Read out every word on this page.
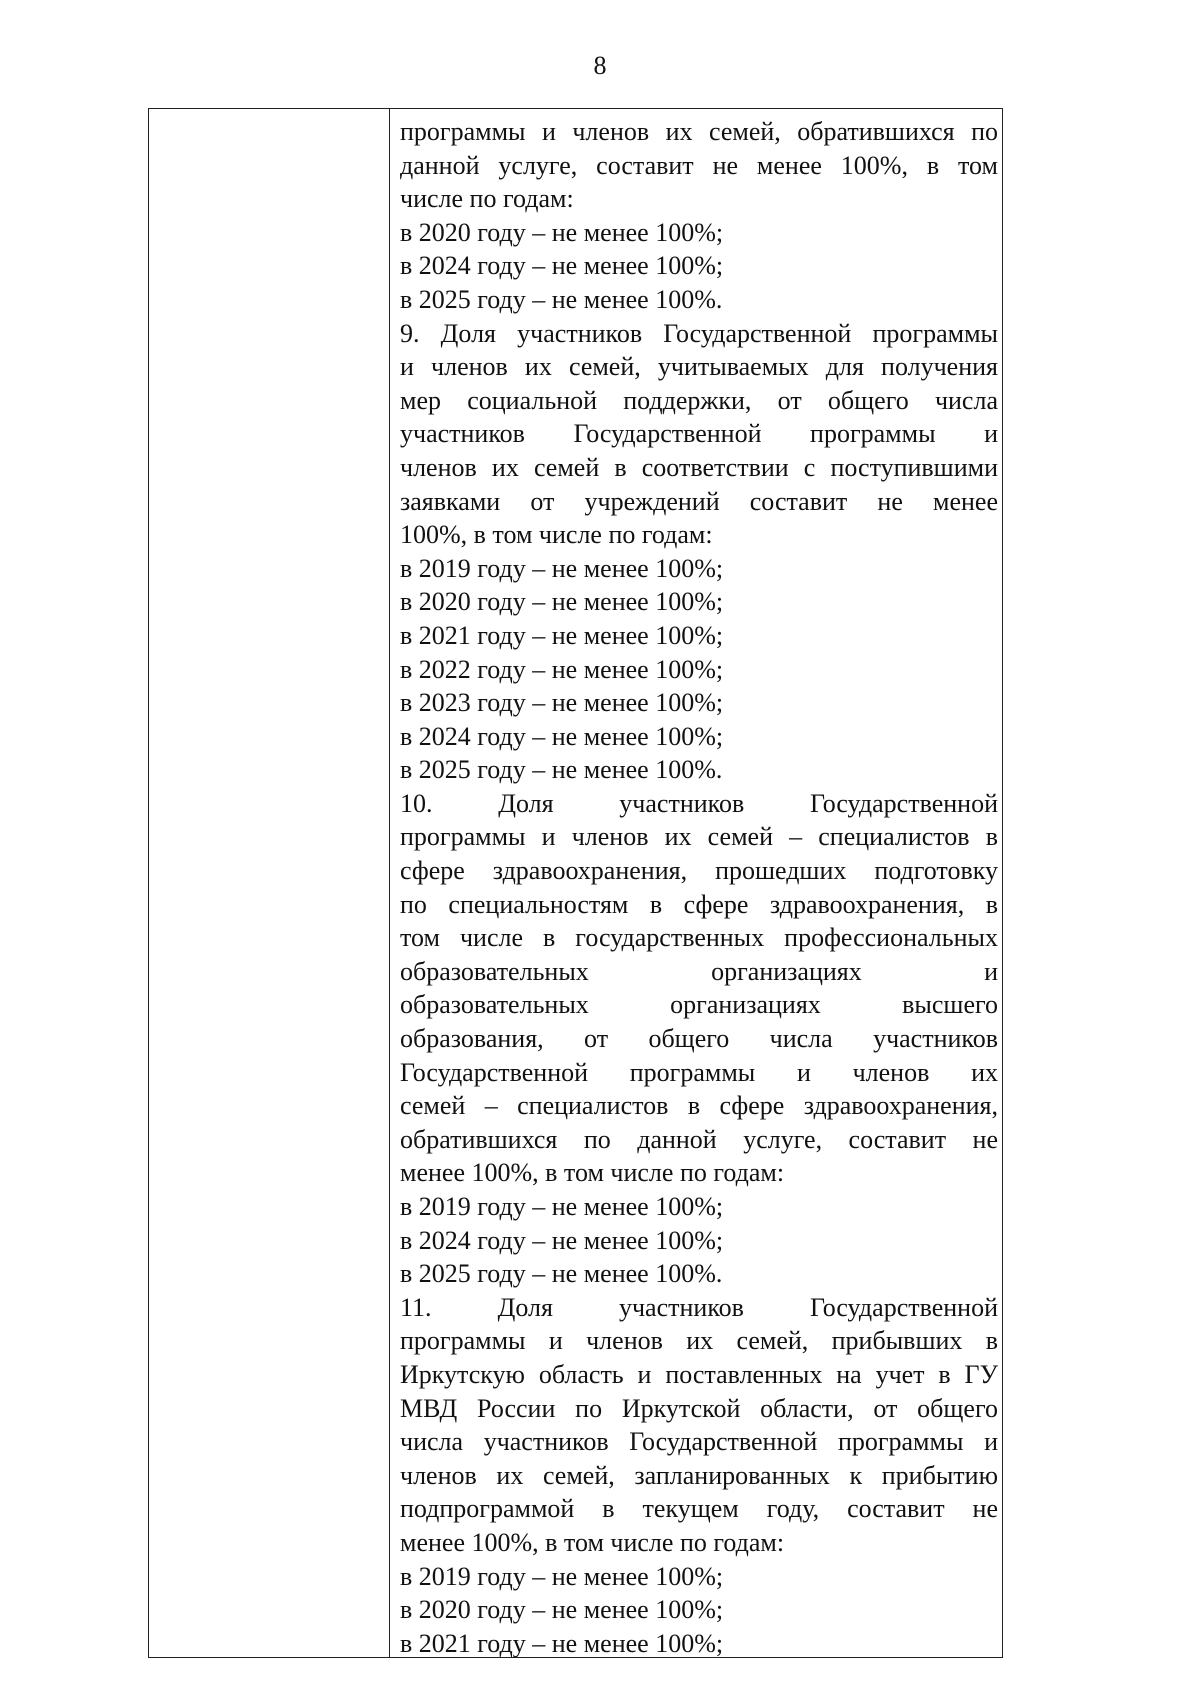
8
программы и членов их семей, обратившихся по
данной услуге, составит не менее 100%, в том
числе по годам:
в 2020 году – не менее 100%;
в 2024 году – не менее 100%;
в 2025 году – не менее 100%.
9. Доля участников Государственной программы
и членов их семей, учитываемых для получения
мер социальной поддержки, от общего числа
участников Государственной программы и
членов их семей в соответствии с поступившими
заявками от учреждений составит не менее
100%, в том числе по годам:
в 2019 году – не менее 100%;
в 2020 году – не менее 100%;
в 2021 году – не менее 100%;
в 2022 году – не менее 100%;
в 2023 году – не менее 100%;
в 2024 году – не менее 100%;
в 2025 году – не менее 100%.
10. Доля участников Государственной
программы и членов их семей – специалистов в
сфере здравоохранения, прошедших подготовку
по специальностям в сфере здравоохранения, в
том числе в государственных профессиональных
образовательных организациях и
образовательных организациях высшего
образования, от общего числа участников
Государственной программы и членов их
семей – специалистов в сфере здравоохранения,
обратившихся по данной услуге, составит не
менее 100%, в том числе по годам:
в 2019 году – не менее 100%;
в 2024 году – не менее 100%;
в 2025 году – не менее 100%.
11. Доля участников Государственной
программы и членов их семей, прибывших в
Иркутскую область и поставленных на учет в ГУ
МВД России по Иркутской области, от общего
числа участников Государственной программы и
членов их семей, запланированных к прибытию
подпрограммой в текущем году, составит не
менее 100%, в том числе по годам:
в 2019 году – не менее 100%;
в 2020 году – не менее 100%;
в 2021 году – не менее 100%;
